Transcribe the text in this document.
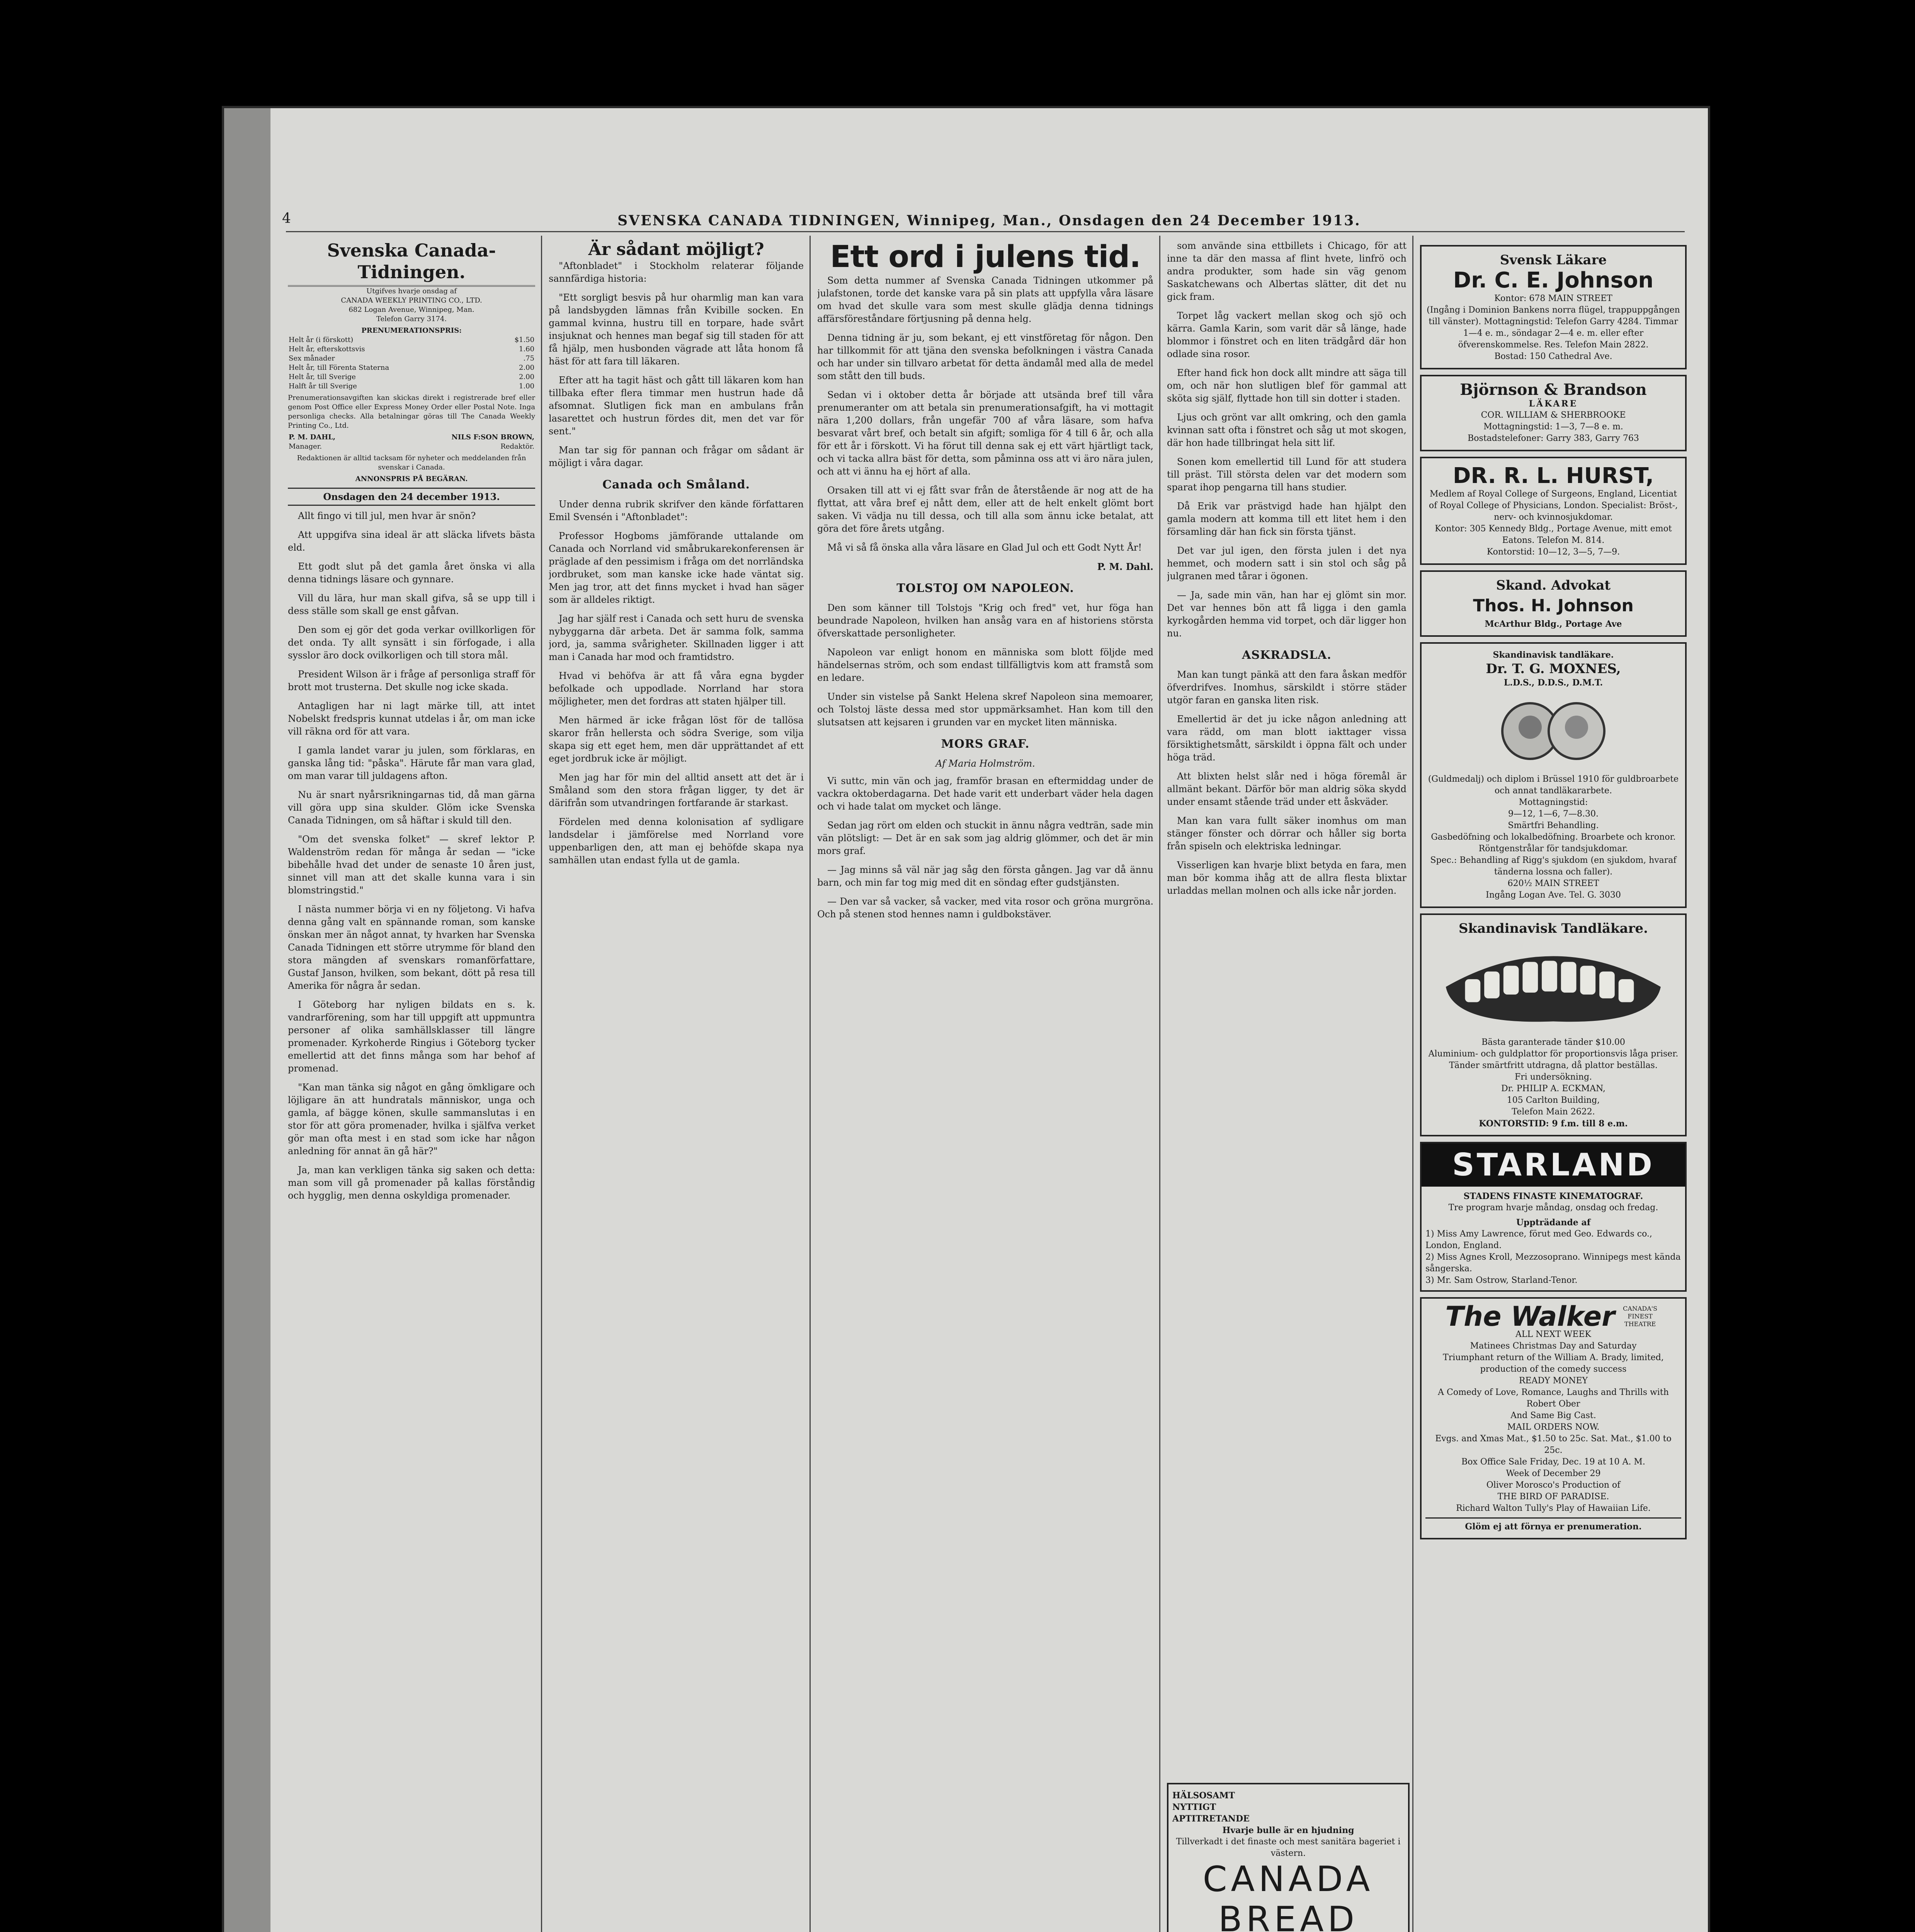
4	SVENSKA CANADA TIDNINGEN, Winnipeg, Man., Onsdagen den 24 December 1913.
Svenska Canada-Tidningen.
Utgifves hvarje onsdag af
CANADA WEEKLY PRINTING CO., LTD.
682 Logan Avenue, Winnipeg, Man.
Telefon Garry 3174.
PRENUMERATIONSPRIS:
Helt år (i förskott)	$1.50
Helt år, efterskottsvis	1.60
Sex månader	.75
Helt år, till Förenta Staterna	2.00
Helt år, till Sverige	2.00
Halft år till Sverige	1.00
Prenumerationsavgiften kan skickas direkt i registrerade bref eller genom Post Office eller Express Money Order eller Postal Note. Inga personliga checks. Alla betalningar göras till The Canada Weekly Printing Co., Ltd.
P. M. DAHL,
Manager.

NILS F:SON BROWN,
Redaktör.
Redaktionen är alltid tacksam för nyheter och meddelanden från svenskar i Canada.
ANNONSPRIS PÅ BEGÄRAN.
Onsdagen den 24 december 1913.

Allt fingo vi till jul, men hvar är snön?

Att uppgifva sina ideal är att släcka lifvets bästa eld.

Ett godt slut på det gamla året önska vi alla denna tidnings läsare och gynnare.

Vill du lära, hur man skall gifva, så se upp till i dess ställe som skall ge enst gåfvan.

Den som ej gör det goda verkar ovillkorligen för det onda. Ty allt synsätt i sin förfogade, i alla sysslor äro dock ovilkorligen och till stora mål.

President Wilson är i fråge af personliga straff för brott mot trusterna. Det skulle nog icke skada.

Antagligen har ni lagt märke till, att intet Nobelskt fredspris kunnat utdelas i år, om man icke vill räkna ord för att vara.

I gamla landet varar ju julen, som förklaras, en ganska lång tid: "påska". Härute får man vara glad, om man varar till juldagens afton.

Nu är snart nyårsrikningarnas tid, då man gärna vill göra upp sina skulder. Glöm icke Svenska Canada Tidningen, om så häftar i skuld till den.

"Om det svenska folket" — skref lektor P. Waldenström redan för många år sedan — "icke bibehålle hvad det under de senaste 10 åren just, sinnet vill man att det skalle kunna vara i sin blomstringstid."

I nästa nummer börja vi en ny följetong. Vi hafva denna gång valt en spännande roman, som kanske önskan mer än något annat, ty hvarken har Svenska Canada Tidningen ett större utrymme för bland den stora mängden af svenskars romanförfattare, Gustaf Janson, hvilken, som bekant, dött på resa till Amerika för några år sedan.

I Göteborg har nyligen bildats en s. k. vandrarförening, som har till uppgift att uppmuntra personer af olika samhällsklasser till längre promenader. Kyrkoherde Ringius i Göteborg tycker emellertid att det finns många som har behof af promenad.

"Kan man tänka sig något en gång ömkligare och löjligare än att hundratals människor, unga och gamla, af bägge könen, skulle sammanslutas i en stor för att göra promenader, hvilka i själfva verket gör man ofta mest i en stad som icke har någon anledning för annat än gå här?"

Ja, man kan verkligen tänka sig saken och detta: man som vill gå promenader på kallas förståndig och hygglig, men denna oskyldiga promenader.

Är sådant möjligt?

"Aftonbladet" i Stockholm relaterar följande sannfärdiga historia:

"Ett sorgligt besvis på hur oharmlig man kan vara på landsbygden lämnas från Kvibille socken. En gammal kvinna, hustru till en torpare, hade svårt insjuknat och hennes man begaf sig till staden för att få hjälp, men husbonden vägrade att låta honom få häst för att fara till läkaren.

Efter att ha tagit häst och gått till läkaren kom han tillbaka efter flera timmar men hustrun hade då afsomnat. Slutligen fick man en ambulans från lasarettet och hustrun fördes dit, men det var för sent."

Man tar sig för pannan och frågar om sådant är möjligt i våra dagar.

Canada och Småland.

Under denna rubrik skrifver den kände författaren Emil Svensén i "Aftonbladet":

Professor Hogboms jämförande uttalande om Canada och Norrland vid småbrukarekonferensen är präglade af den pessimism i fråga om det norrländska jordbruket, som man kanske icke hade väntat sig. Men jag tror, att det finns mycket i hvad han säger som är alldeles riktigt.

Jag har själf rest i Canada och sett huru de svenska nybyggarna där arbeta. Det är samma folk, samma jord, ja, samma svårigheter. Skillnaden ligger i att man i Canada har mod och framtidstro.

Hvad vi behöfva är att få våra egna bygder befolkade och uppodlade. Norrland har stora möjligheter, men det fordras att staten hjälper till.

Men härmed är icke frågan löst för de tallösa skaror från hellersta och södra Sverige, som vilja skapa sig ett eget hem, men där upprättandet af ett eget jordbruk icke är möjligt.

Men jag har för min del alltid ansett att det är i Småland som den stora frågan ligger, ty det är därifrån som utvandringen fortfarande är starkast.

Fördelen med denna kolonisation af sydligare landsdelar i jämförelse med Norrland vore uppenbarligen den, att man ej behöfde skapa nya samhällen utan endast fylla ut de gamla.

Ett ord i julens tid.

Som detta nummer af Svenska Canada Tidningen utkommer på julafstonen, torde det kanske vara på sin plats att uppfylla våra läsare om hvad det skulle vara som mest skulle glädja denna tidnings affärsföreståndare förtjusning på denna helg.

Denna tidning är ju, som bekant, ej ett vinstföretag för någon. Den har tillkommit för att tjäna den svenska befolkningen i västra Canada och har under sin tillvaro arbetat för detta ändamål med alla de medel som stått den till buds.

Sedan vi i oktober detta år började att utsända bref till våra prenumeranter om att betala sin prenumerationsafgift, ha vi mottagit nära 1,200 dollars, från ungefär 700 af våra läsare, som hafva besvarat vårt bref, och betalt sin afgift; somliga för 4 till 6 år, och alla för ett år i förskott. Vi ha förut till denna sak ej ett värt hjärtligt tack, och vi tacka allra bäst för detta, som påminna oss att vi äro nära julen, och att vi ännu ha ej hört af alla.

Orsaken till att vi ej fått svar från de återstående är nog att de ha flyttat, att våra bref ej nått dem, eller att de helt enkelt glömt bort saken. Vi vädja nu till dessa, och till alla som ännu icke betalat, att göra det före årets utgång.

Må vi så få önska alla våra läsare en Glad Jul och ett Godt Nytt År!

P. M. Dahl.
TOLSTOJ OM NAPOLEON.

Den som känner till Tolstojs "Krig och fred" vet, hur föga han beundrade Napoleon, hvilken han ansåg vara en af historiens största öfverskattade personligheter.

Napoleon var enligt honom en människa som blott följde med händelsernas ström, och som endast tillfälligtvis kom att framstå som en ledare.

Under sin vistelse på Sankt Helena skref Napoleon sina memoarer, och Tolstoj läste dessa med stor uppmärksamhet. Han kom till den slutsatsen att kejsaren i grunden var en mycket liten människa.

MORS GRAF.
Af Maria Holmström.

Vi suttc, min vän och jag, framför brasan en eftermiddag under de vackra oktoberdagarna. Det hade varit ett underbart väder hela dagen och vi hade talat om mycket och länge.

Sedan jag rört om elden och stuckit in ännu några vedträn, sade min vän plötsligt: — Det är en sak som jag aldrig glömmer, och det är min mors graf.

— Jag minns så väl när jag såg den första gången. Jag var då ännu barn, och min far tog mig med dit en söndag efter gudstjänsten.

— Den var så vacker, så vacker, med vita rosor och gröna murgröna. Och på stenen stod hennes namn i guldbokstäver.

som använde sina ettbillets i Chicago, för att inne ta där den massa af flint hvete, linfrö och andra produkter, som hade sin väg genom Saskatchewans och Albertas slätter, dit det nu gick fram.

Torpet låg vackert mellan skog och sjö och kärra. Gamla Karin, som varit där så länge, hade blommor i fönstret och en liten trädgård där hon odlade sina rosor.

Efter hand fick hon dock allt mindre att säga till om, och när hon slutligen blef för gammal att sköta sig själf, flyttade hon till sin dotter i staden.

Ljus och grönt var allt omkring, och den gamla kvinnan satt ofta i fönstret och såg ut mot skogen, där hon hade tillbringat hela sitt lif.

Sonen kom emellertid till Lund för att studera till präst. Till största delen var det modern som sparat ihop pengarna till hans studier.

Då Erik var prästvigd hade han hjälpt den gamla modern att komma till ett litet hem i den församling där han fick sin första tjänst.

Det var jul igen, den första julen i det nya hemmet, och modern satt i sin stol och såg på julgranen med tårar i ögonen.

— Ja, sade min vän, han har ej glömt sin mor. Det var hennes bön att få ligga i den gamla kyrkogården hemma vid torpet, och där ligger hon nu.

ASKRADSLA.

Man kan tungt pänkä att den fara åskan medför öfverdrifves. Inomhus, särskildt i större städer utgör faran en ganska liten risk.

Emellertid är det ju icke någon anledning att vara rädd, om man blott iakttager vissa försiktighetsmått, särskildt i öppna fält och under höga träd.

Att blixten helst slår ned i höga föremål är allmänt bekant. Därför bör man aldrig söka skydd under ensamt stående träd under ett åskväder.

Man kan vara fullt säker inomhus om man stänger fönster och dörrar och håller sig borta från spiseln och elektriska ledningar.

Visserligen kan hvarje blixt betyda en fara, men man bör komma ihåg att de allra flesta blixtar urladdas mellan molnen och alls icke når jorden.

Svensk Läkare
Dr. C. E. Johnson
Kontor: 678 MAIN STREET
(Ingång i Dominion Bankens norra flügel, trappuppgången till vänster). Mottagningstid: Telefon Garry 4284. Timmar 1—4 e. m., söndagar 2—4 e. m. eller efter öfverenskommelse. Res. Telefon Main 2822.
Bostad: 150 Cathedral Ave.
Björnson & Brandson
LÄKARE
COR. WILLIAM & SHERBROOKE
Mottagningstid: 1—3, 7—8 e. m.
Bostadstelefoner: Garry 383, Garry 763
DR. R. L. HURST,
Medlem af Royal College of Surgeons, England, Licentiat of Royal College of Physicians, London. Specialist: Bröst-, nerv- och kvinnosjukdomar.
Kontor: 305 Kennedy Bldg., Portage Avenue, mitt emot Eatons. Telefon M. 814.
Kontorstid: 10—12, 3—5, 7—9.
Skand. Advokat
Thos. H. Johnson
McArthur Bldg., Portage Ave
Skandinavisk tandläkare.
Dr. T. G. MOXNES,
L.D.S., D.D.S., D.M.T.
(Guldmedalj) och diplom i Brüssel 1910 för guldbroarbete och annat tandläkararbete.
Mottagningstid:
9—12, 1—6, 7—8.30.
Smärtfri Behandling.
Gasbedöfning och lokalbedöfning. Broarbete och kronor.
Röntgenstrålar för tandsjukdomar.
Spec.: Behandling af Rigg's sjukdom (en sjukdom, hvaraf tänderna lossna och faller).
620½ MAIN STREET
Ingång Logan Ave. Tel. G. 3030
Skandinavisk Tandläkare.
Bästa garanterade tänder $10.00
Aluminium- och guldplattor för proportionsvis låga priser.
Tänder smärtfritt utdragna, då plattor beställas.
Fri undersökning.
Dr. PHILIP A. ECKMAN,
105 Carlton Building,
Telefon Main 2622.
KONTORSTID: 9 f.m. till 8 e.m.
STARLAND
STADENS FINASTE KINEMATOGRAF.
Tre program hvarje måndag, onsdag och fredag.
Uppträdande af
1) Miss Amy Lawrence, förut med Geo. Edwards co., London, England.
2) Miss Agnes Kroll, Mezzosoprano. Winnipegs mest kända sångerska.
3) Mr. Sam Ostrow, Starland-Tenor.
The Walker	CANADA'S FINEST THEATRE
ALL NEXT WEEK
Matinees Christmas Day and Saturday
Triumphant return of the William A. Brady, limited, production of the comedy success
READY MONEY
A Comedy of Love, Romance, Laughs and Thrills with
Robert Ober
And Same Big Cast.
MAIL ORDERS NOW.
Evgs. and Xmas Mat., $1.50 to 25c. Sat. Mat., $1.00 to 25c.
Box Office Sale Friday, Dec. 19 at 10 A. M.
Week of December 29
Oliver Morosco's Production of
THE BIRD OF PARADISE.
Richard Walton Tully's Play of Hawaiian Life.
Glöm ej att förnya er prenumeration.
HÄLSOSAMT
NYTTIGT
APTITRETANDE
Hvarje bulle är en hjudning
Tillverkadt i det finaste och mest sanitära bageriet i västern.
CANADA
BREAD
